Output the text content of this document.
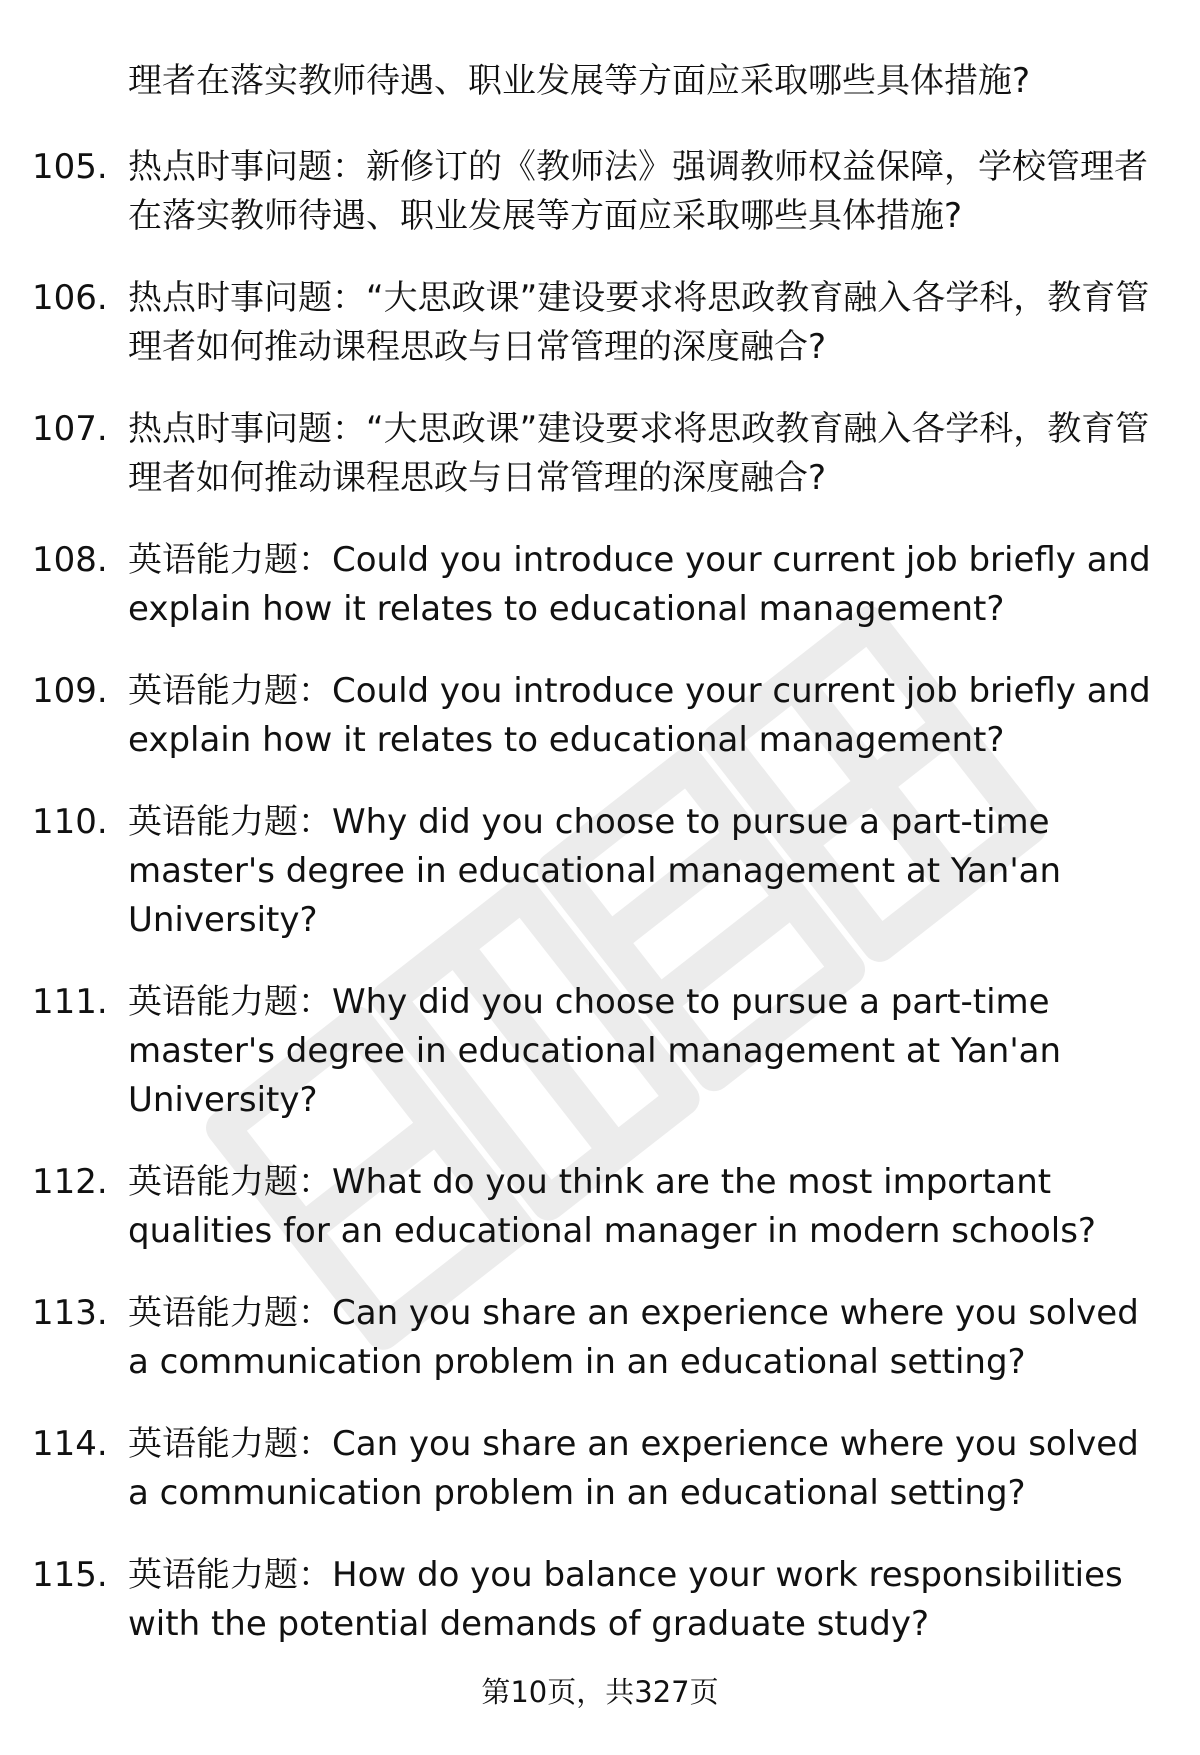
理者在落实教师待遇、职业发展等方面应采取哪些具体措施?
105. 热点时事问题：新修订的《教师法》强调教师权益保障，学校管理者在落实教师待遇、职业发展等方面应采取哪些具体措施?
106. 热点时事问题：“大思政课”建设要求将思政教育融入各学科，教育管理者如何推动课程思政与日常管理的深度融合?
107. 热点时事问题：“大思政课”建设要求将思政教育融入各学科，教育管理者如何推动课程思政与日常管理的深度融合?
108. 英语能力题：Could you introduce your current job briefly and explain how it relates to educational management?
109. 英语能力题：Could you introduce your current job briefly and explain how it relates to educational management?
110. 英语能力题：Why did you choose to pursue a part-time master's degree in educational management at Yan'an University?
111. 英语能力题：Why did you choose to pursue a part-time master's degree in educational management at Yan'an University?
112. 英语能力题：What do you think are the most important qualities for an educational manager in modern schools?
113. 英语能力题：Can you share an experience where you solved a communication problem in an educational setting?
114. 英语能力题：Can you share an experience where you solved a communication problem in an educational setting?
115. 英语能力题：How do you balance your work responsibilities with the potential demands of graduate study?
第10页，共327页
